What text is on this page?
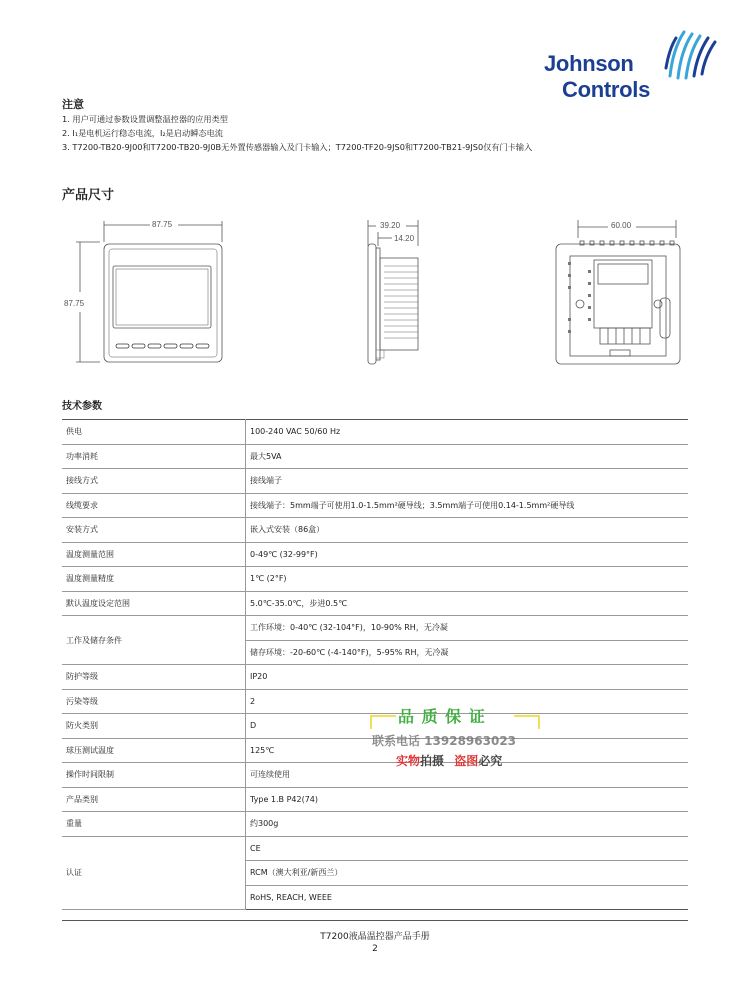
Johnson
Controls
注意
1. 用户可通过参数设置调整温控器的应用类型
2. I₁是电机运行稳态电流，I₂是启动瞬态电流
3. T7200-TB20-9J00和T7200-TB20-9J0B无外置传感器输入及门卡输入；T7200-TF20-9JS0和T7200-TB21-9JS0仅有门卡输入
产品尺寸
87.75
87.75
39.20
14.20
60.00
技术参数
供电	100-240 VAC 50/60 Hz
功率消耗	最大5VA
接线方式	接线端子
线缆要求	接线端子：5mm端子可使用1.0-1.5mm²硬导线；3.5mm端子可使用0.14-1.5mm²硬导线
安装方式	嵌入式安装（86盒）
温度测量范围	0-49℃ (32-99°F)
温度测量精度	1℃ (2°F)
默认温度设定范围	5.0℃-35.0℃，步进0.5℃
工作及储存条件	工作环境：0-40℃ (32-104°F)，10-90% RH，无冷凝
	储存环境：-20-60℃ (-4-140°F)，5-95% RH，无冷凝
防护等级	IP20
污染等级	2
防火类别	D
球压测试温度	125℃
操作时间限制	可连续使用
产品类别	Type 1.B P42(74)
重量	约300g
认证	CE
	RCM（澳大利亚/新西兰）
	RoHS, REACH, WEEE
品 质 保 证
联系电话 13928963023
实物拍摄 盗图必究
T7200液晶温控器产品手册
2
